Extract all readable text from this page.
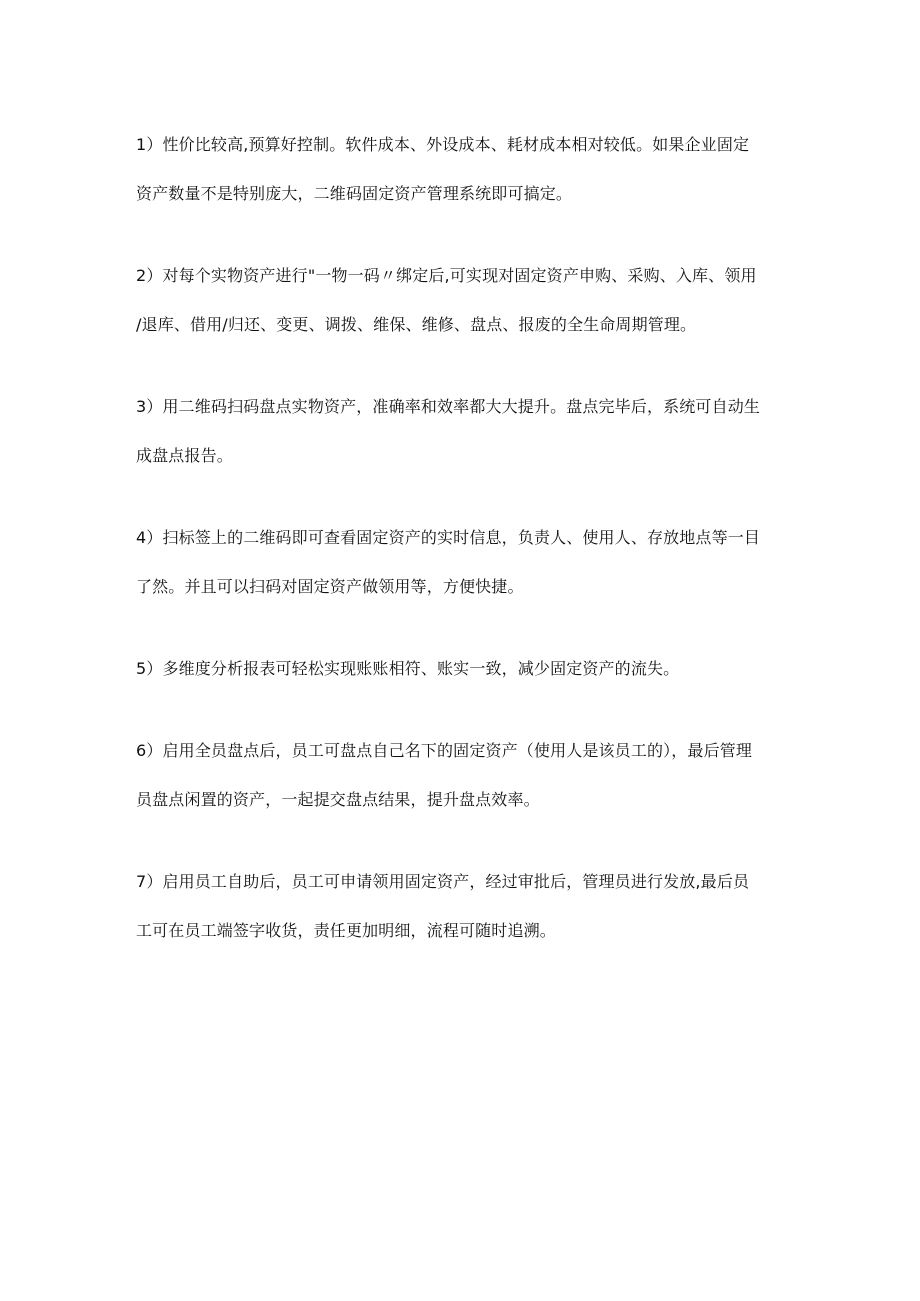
1）性价比较高,预算好控制。软件成本、外设成本、耗材成本相对较低。如果企业固定
资产数量不是特别庞大，二维码固定资产管理系统即可搞定。
2）对每个实物资产进行"一物一码〃绑定后,可实现对固定资产申购、采购、入库、领用
/退库、借用/归还、变更、调拨、维保、维修、盘点、报废的全生命周期管理。
3）用二维码扫码盘点实物资产，准确率和效率都大大提升。盘点完毕后，系统可自动生
成盘点报告。
4）扫标签上的二维码即可查看固定资产的实时信息，负责人、使用人、存放地点等一目
了然。并且可以扫码对固定资产做领用等，方便快捷。
5）多维度分析报表可轻松实现账账相符、账实一致，减少固定资产的流失。
6）启用全员盘点后，员工可盘点自己名下的固定资产（使用人是该员工的），最后管理
员盘点闲置的资产，一起提交盘点结果，提升盘点效率。
7）启用员工自助后，员工可申请领用固定资产，经过审批后，管理员进行发放,最后员
工可在员工端签字收货，责任更加明细，流程可随时追溯。
